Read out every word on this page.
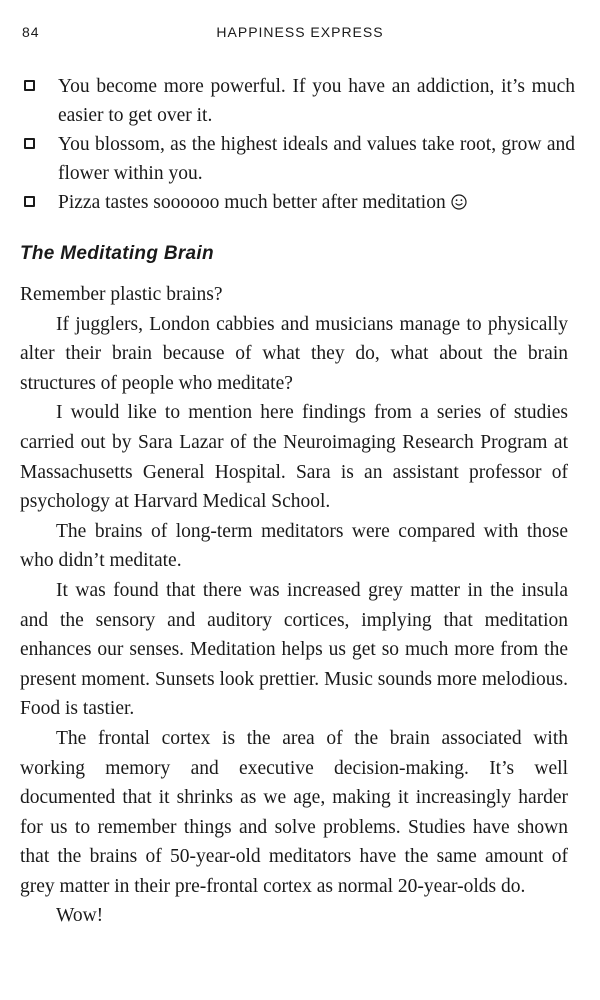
84	HAPPINESS EXPRESS
You become more powerful. If you have an addiction, it’s much easier to get over it.
You blossom, as the highest ideals and values take root, grow and flower within you.
Pizza tastes soooooo much better after meditation
The Meditating Brain

Remember plastic brains?

If jugglers, London cabbies and musicians manage to physically alter their brain because of what they do, what about the brain structures of people who meditate?

I would like to mention here findings from a series of studies carried out by Sara Lazar of the Neuroimaging Research Program at Massachusetts General Hospital. Sara is an assistant professor of psychology at Harvard Medical School.

The brains of long-term meditators were compared with those who didn’t meditate.

It was found that there was increased grey matter in the insula and the sensory and auditory cortices, implying that meditation enhances our senses. Meditation helps us get so much more from the present moment. Sunsets look prettier. Music sounds more melodious. Food is tastier.

The frontal cortex is the area of the brain associated with working memory and executive decision-making. It’s well documented that it shrinks as we age, making it increasingly harder for us to remember things and solve problems. Studies have shown that the brains of 50-year-old meditators have the same amount of grey matter in their pre-frontal cortex as normal 20-year-olds do.

Wow!
